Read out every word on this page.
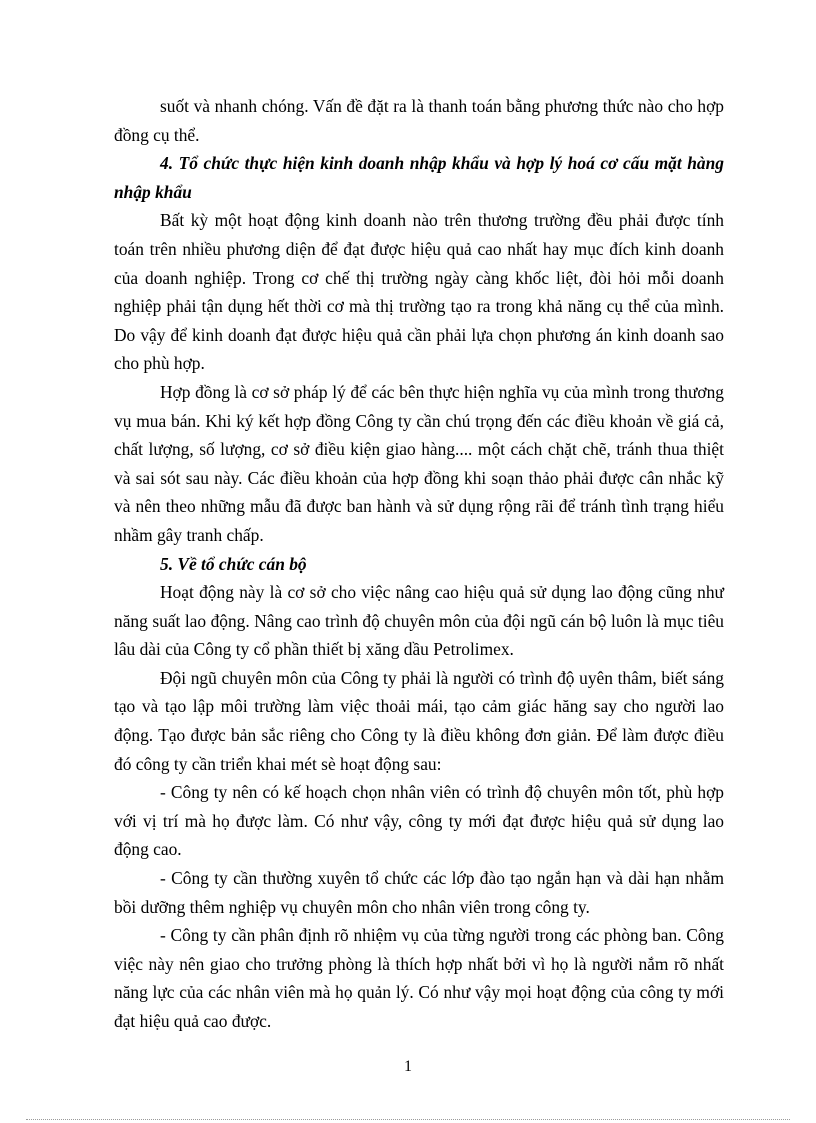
suốt và nhanh chóng. Vấn đề đặt ra là thanh toán bằng phương thức nào cho hợp đồng cụ thể.

4. Tổ chức thực hiện kinh doanh nhập khẩu và hợp lý hoá cơ cấu mặt hàng nhập khẩu

Bất kỳ một hoạt động kinh doanh nào trên thương trường đều phải được tính toán trên nhiều phương diện để đạt được hiệu quả cao nhất hay mục đích kinh doanh của doanh nghiệp. Trong cơ chế thị trường ngày càng khốc liệt, đòi hỏi mỗi doanh nghiệp phải tận dụng hết thời cơ mà thị trường tạo ra trong khả năng cụ thể của mình. Do vậy để kinh doanh đạt được hiệu quả cần phải lựa chọn phương án kinh doanh sao cho phù hợp.

Hợp đồng là cơ sở pháp lý để các bên thực hiện nghĩa vụ của mình trong thương vụ mua bán. Khi ký kết hợp đồng Công ty cần chú trọng đến các điều khoản về giá cả, chất lượng, số lượng, cơ sở điều kiện giao hàng.... một cách chặt chẽ, tránh thua thiệt và sai sót sau này. Các điều khoản của hợp đồng khi soạn thảo phải được cân nhắc kỹ và nên theo những mẫu đã được ban hành và sử dụng rộng rãi để tránh tình trạng hiểu nhầm gây tranh chấp.

5. Về tổ chức cán bộ

Hoạt động này là cơ sở cho việc nâng cao hiệu quả sử dụng lao động cũng như năng suất lao động. Nâng cao trình độ chuyên môn của đội ngũ cán bộ luôn là mục tiêu lâu dài của Công ty cổ phần thiết bị xăng dầu Petrolimex.

Đội ngũ chuyên môn của Công ty phải là người có trình độ uyên thâm, biết sáng tạo và tạo lập môi trường làm việc thoải mái, tạo cảm giác hăng say cho người lao động. Tạo được bản sắc riêng cho Công ty là điều không đơn giản. Để làm được điều đó công ty cần triển khai mét sè hoạt động sau:

- Công ty nên có kế hoạch chọn nhân viên có trình độ chuyên môn tốt, phù hợp với vị trí mà họ được làm. Có như vậy, công ty mới đạt được hiệu quả sử dụng lao động cao.

- Công ty cần thường xuyên tổ chức các lớp đào tạo ngắn hạn và dài hạn nhằm bồi dưỡng thêm nghiệp vụ chuyên môn cho nhân viên trong công ty.

- Công ty cần phân định rõ nhiệm vụ của từng người trong các phòng ban. Công việc này nên giao cho trưởng phòng là thích hợp nhất bởi vì họ là người nắm rõ nhất năng lực của các nhân viên mà họ quản lý. Có như vậy mọi hoạt động của công ty mới đạt hiệu quả cao được.

1
